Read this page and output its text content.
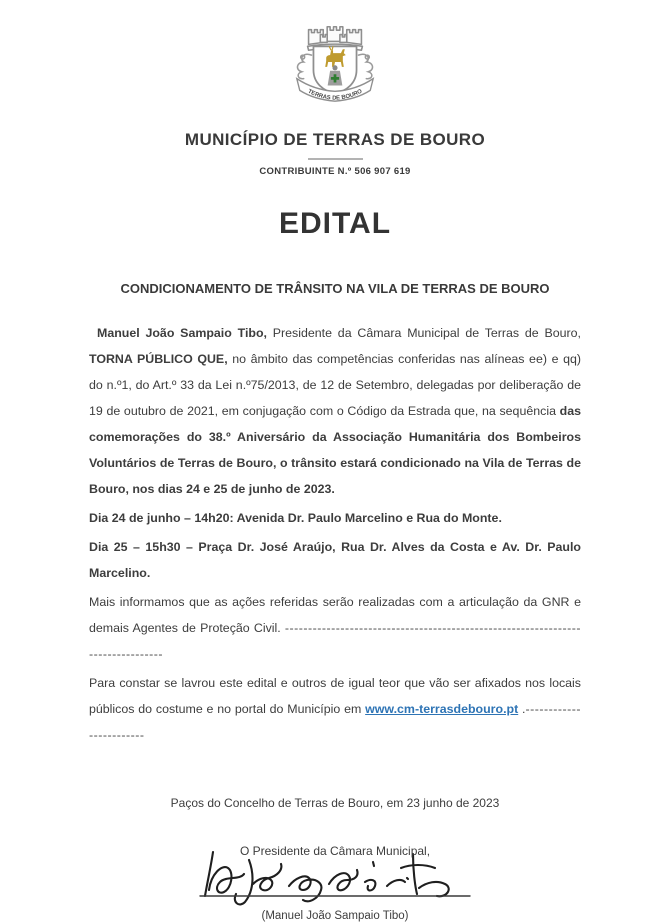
TERRAS DE BOURO
MUNICÍPIO DE TERRAS DE BOURO
CONTRIBUINTE N.º 506 907 619
EDITAL
CONDICIONAMENTO DE TRÂNSITO NA VILA DE TERRAS DE BOURO

Manuel João Sampaio Tibo, Presidente da Câmara Municipal de Terras de Bouro, TORNA PÚBLICO QUE, no âmbito das competências conferidas nas alíneas ee) e qq) do n.º1, do Art.º 33 da Lei n.º75/2013, de 12 de Setembro, delegadas por deliberação de 19 de outubro de 2021, em conjugação com o Código da Estrada que, na sequência das comemorações do 38.º Aniversário da Associação Humanitária dos Bombeiros Voluntários de Terras de Bouro, o trânsito estará condicionado na Vila de Terras de Bouro, nos dias 24 e 25 de junho de 2023.

Dia 24 de junho – 14h20: Avenida Dr. Paulo Marcelino e Rua do Monte.

Dia 25 – 15h30 – Praça Dr. José Araújo, Rua Dr. Alves da Costa e Av. Dr. Paulo Marcelino.

Mais informamos que as ações referidas serão realizadas com a articulação da GNR e demais Agentes de Proteção Civil. --------------------------------------------------------------------------------

Para constar se lavrou este edital e outros de igual teor que vão ser afixados nos locais públicos do costume e no portal do Município em www.cm-terrasdebouro.pt .------------------------

Paços do Concelho de Terras de Bouro, em 23 junho de 2023
O Presidente da Câmara Municipal,
(Manuel João Sampaio Tibo)
